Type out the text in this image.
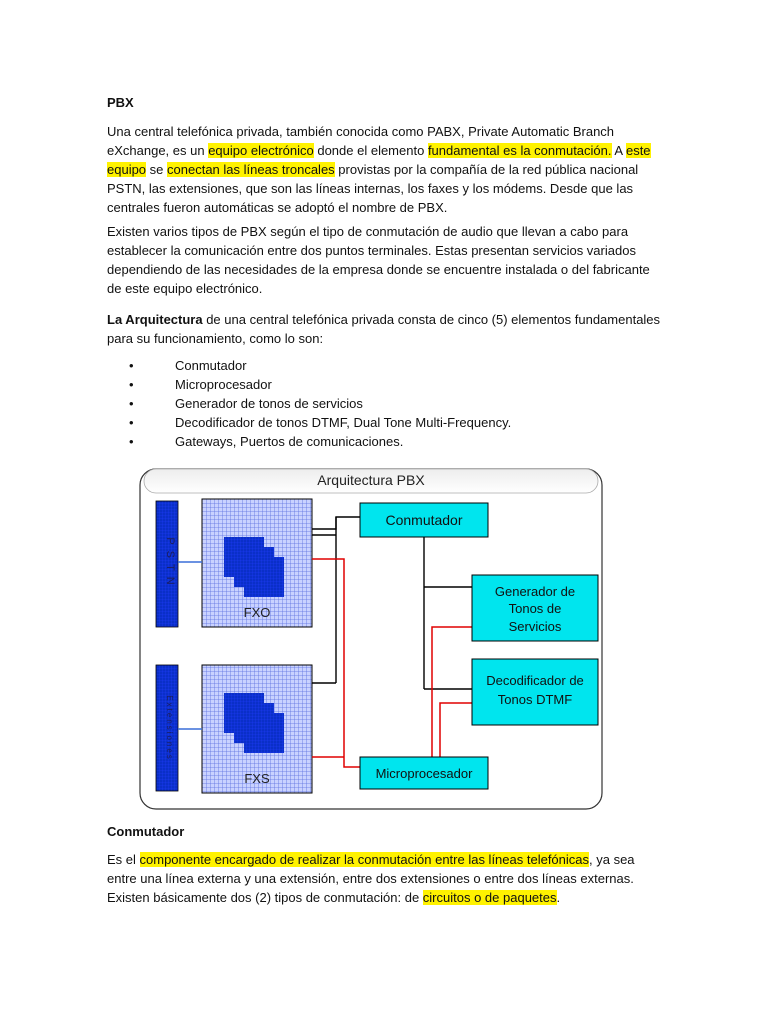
PBX

Una central telefónica privada, también conocida como PABX, Private Automatic Branch eXchange, es un equipo electrónico donde el elemento fundamental es la conmutación. A este equipo se conectan las líneas troncales provistas por la compañía de la red pública nacional PSTN, las extensiones, que son las líneas internas, los faxes y los módems. Desde que las centrales fueron automáticas se adoptó el nombre de PBX.

Existen varios tipos de PBX según el tipo de conmutación de audio que llevan a cabo para establecer la comunicación entre dos puntos terminales. Estas presentan servicios variados dependiendo de las necesidades de la empresa donde se encuentre instalada o del fabricante de este equipo electrónico.

La Arquitectura de una central telefónica privada consta de cinco (5) elementos fundamentales para su funcionamiento, como lo son:

• Conmutador
• Microprocesador
• Generador de tonos de servicios
• Decodificador de tonos DTMF, Dual Tone Multi-Frequency.
• Gateways, Puertos de comunicaciones.
Arquitectura PBX
PSTN
Extensiones
FXO
FXS
Conmutador
Generador de
Tonos de
Servicios
Decodificador de
Tonos DTMF
Microprocesador

Conmutador

Es el componente encargado de realizar la conmutación entre las líneas telefónicas, ya sea entre una línea externa y una extensión, entre dos extensiones o entre dos líneas externas. Existen básicamente dos (2) tipos de conmutación: de circuitos o de paquetes.
